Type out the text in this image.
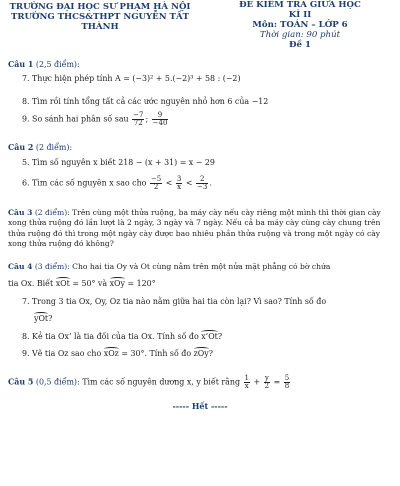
TRƯỜNG ĐẠI HỌC SƯ PHẠM HÀ NỘI
TRƯỜNG THCS&THPT NGUYỄN TẤT
THÀNH
ĐỀ KIỂM TRA GIỮA HỌC
KÌ II
Môn: TOÁN – LỚP 6
Thời gian: 90 phút
Đề 1
Câu 1 (2,5 điểm):
7. Thực hiện phép tính A = (−3)² + 5.(−2)³ + 58 : (−2)
8. Tìm rồi tính tổng tất cả các ước nguyên nhỏ hơn 6 của −12
9. So sánh hai phân số sau $\frac{-7}{72}$ ; $\frac{9}{-40}$
Câu 2 (2 điểm):
5. Tìm số nguyên x biết 218 − (x + 31) = x − 29
6. Tìm các số nguyên x sao cho $\frac{-5}{2} < \frac{3}{x} < \frac{2}{-3}$ .
Câu 3 (2 điểm): Trên cùng một thửa ruộng, ba máy cày nếu cày riêng một mình thì thời gian cày xong thửa ruộng đó lần lượt là 2 ngày, 3 ngày và 7 ngày. Nếu cả ba máy cày cùng cày chung trên thửa ruộng đó thì trong một ngày cày được bao nhiêu phần thửa ruộng và trong một ngày có cày xong thửa ruộng đó không?
Câu 4 (3 điểm): Cho hai tia Oy và Ot cùng nằm trên một nửa mặt phẳng có bờ chứa
tia Ox. Biết xOt = 50° và xOy = 120°
7. Trong 3 tia Ox, Oy, Oz tia nào nằm giữa hai tia còn lại? Vì sao? Tính số đo
yOt?
8. Kẻ tia Ox’ là tia đối của tia Ox. Tính số đo x’Ot?
9. Vẽ tia Oz sao cho xOz = 30°. Tính số đo zOy?
Câu 5 (0,5 điểm): Tìm các số nguyên dương x, y biết rằng $\frac{1}{x} + \frac{y}{2} = \frac{5}{8}$
----- Hết -----
